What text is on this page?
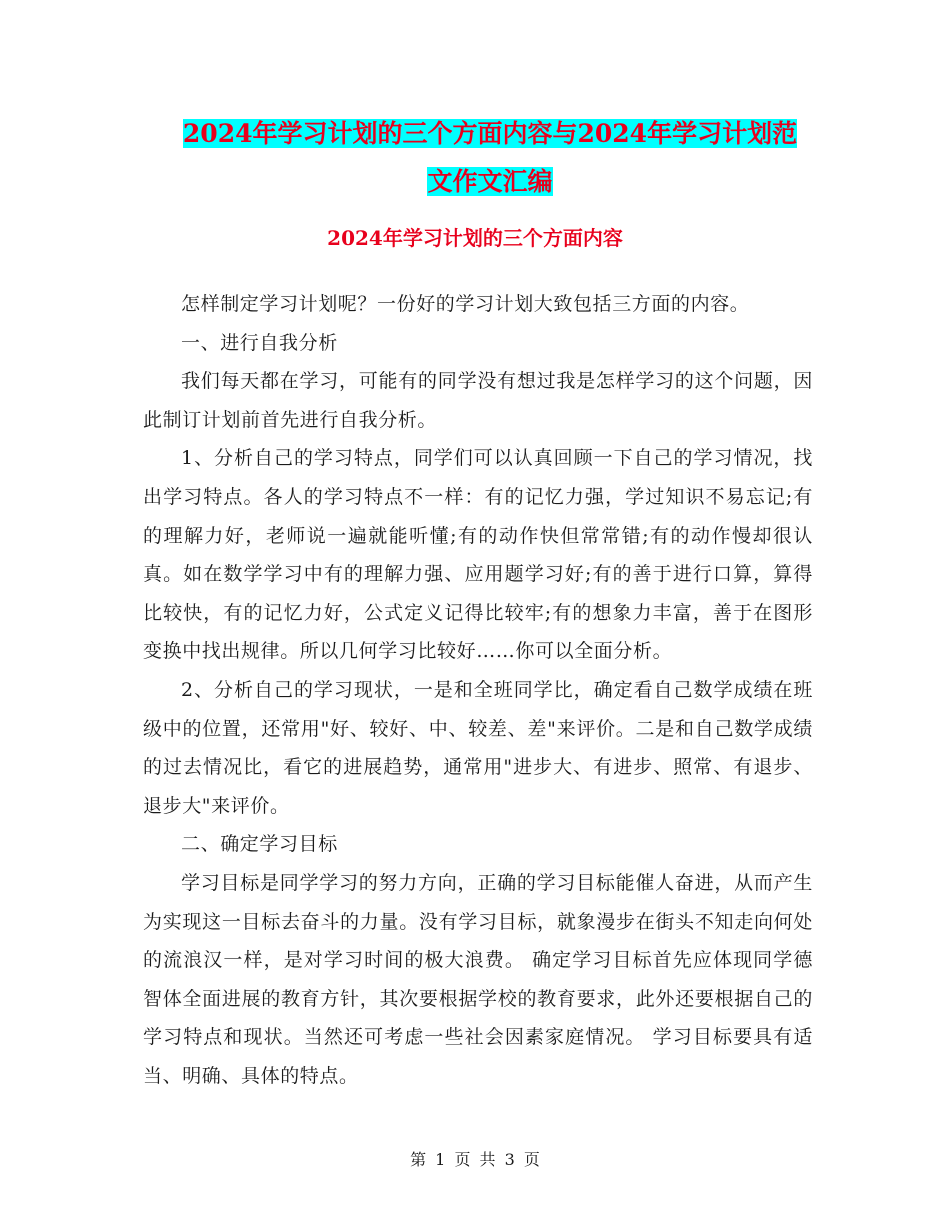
2024年学习计划的三个方面内容与2024年学习计划范
文作文汇编
2024年学习计划的三个方面内容

怎样制定学习计划呢？一份好的学习计划大致包括三方面的内容。

一、进行自我分析

我们每天都在学习，可能有的同学没有想过我是怎样学习的这个问题，因此制订计划前首先进行自我分析。

1、分析自己的学习特点，同学们可以认真回顾一下自己的学习情况，找出学习特点。各人的学习特点不一样：有的记忆力强，学过知识不易忘记;有的理解力好，老师说一遍就能听懂;有的动作快但常常错;有的动作慢却很认真。如在数学学习中有的理解力强、应用题学习好;有的善于进行口算，算得比较快，有的记忆力好，公式定义记得比较牢;有的想象力丰富，善于在图形变换中找出规律。所以几何学习比较好……你可以全面分析。

2、分析自己的学习现状，一是和全班同学比，确定看自己数学成绩在班级中的位置，还常用"好、较好、中、较差、差"来评价。二是和自己数学成绩的过去情况比，看它的进展趋势，通常用"进步大、有进步、照常、有退步、退步大"来评价。

二、确定学习目标

学习目标是同学学习的努力方向，正确的学习目标能催人奋进，从而产生为实现这一目标去奋斗的力量。没有学习目标，就象漫步在街头不知走向何处的流浪汉一样，是对学习时间的极大浪费。 确定学习目标首先应体现同学德智体全面进展的教育方针，其次要根据学校的教育要求，此外还要根据自己的学习特点和现状。当然还可考虑一些社会因素家庭情况。 学习目标要具有适当、明确、具体的特点。

第 1 页 共 3 页
